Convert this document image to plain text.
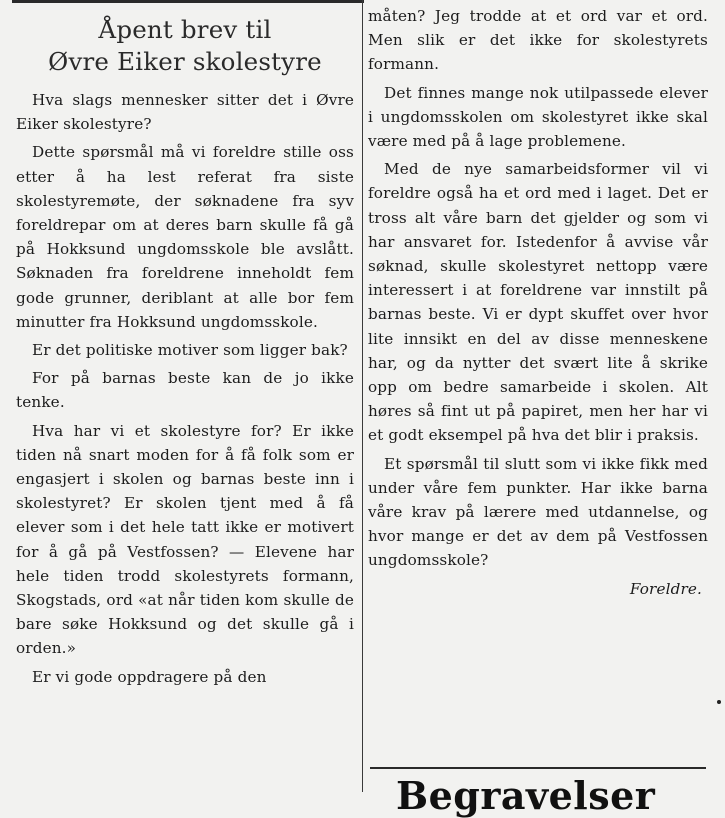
Åpent brev til
Øvre Eiker skolestyre

Hva slags mennesker sitter det i Øvre Eiker skolestyre?

Dette spørsmål må vi foreldre stille oss etter å ha lest referat fra siste skolestyremøte, der søknadene fra syv foreldrepar om at deres barn skulle få gå på Hokksund ungdomsskole ble avslått. Søknaden fra foreldrene inneholdt fem gode grunner, deriblant at alle bor fem minutter fra Hokksund ungdomsskole.

Er det politiske motiver som ligger bak?

For på barnas beste kan de jo ikke tenke.

Hva har vi et skolestyre for? Er ikke tiden nå snart moden for å få folk som er engasjert i skolen og barnas beste inn i skolestyret? Er skolen tjent med å få elever som i det hele tatt ikke er motivert for å gå på Vestfossen? — Elevene har hele tiden trodd skolestyrets formann, Skogstads, ord «at når tiden kom skulle de bare søke Hokksund og det skulle gå i orden.»

Er vi gode oppdragere på den

måten? Jeg trodde at et ord var et ord. Men slik er det ikke for skolestyrets formann.

Det finnes mange nok utilpassede elever i ungdomsskolen om skolestyret ikke skal være med på å lage problemene.

Med de nye samarbeidsformer vil vi foreldre også ha et ord med i laget. Det er tross alt våre barn det gjelder og som vi har ansvaret for. Istedenfor å avvise vår søknad, skulle skolestyret nettopp være interessert i at foreldrene var innstilt på barnas beste. Vi er dypt skuffet over hvor lite innsikt en del av disse menneskene har, og da nytter det svært lite å skrike opp om bedre samarbeide i skolen. Alt høres så fint ut på papiret, men her har vi et godt eksempel på hva det blir i praksis.

Et spørsmål til slutt som vi ikke fikk med under våre fem punkter. Har ikke barna våre krav på lærere med utdannelse, og hvor mange er det av dem på Vestfossen ungdomsskole?

Foreldre.

Begravelser
